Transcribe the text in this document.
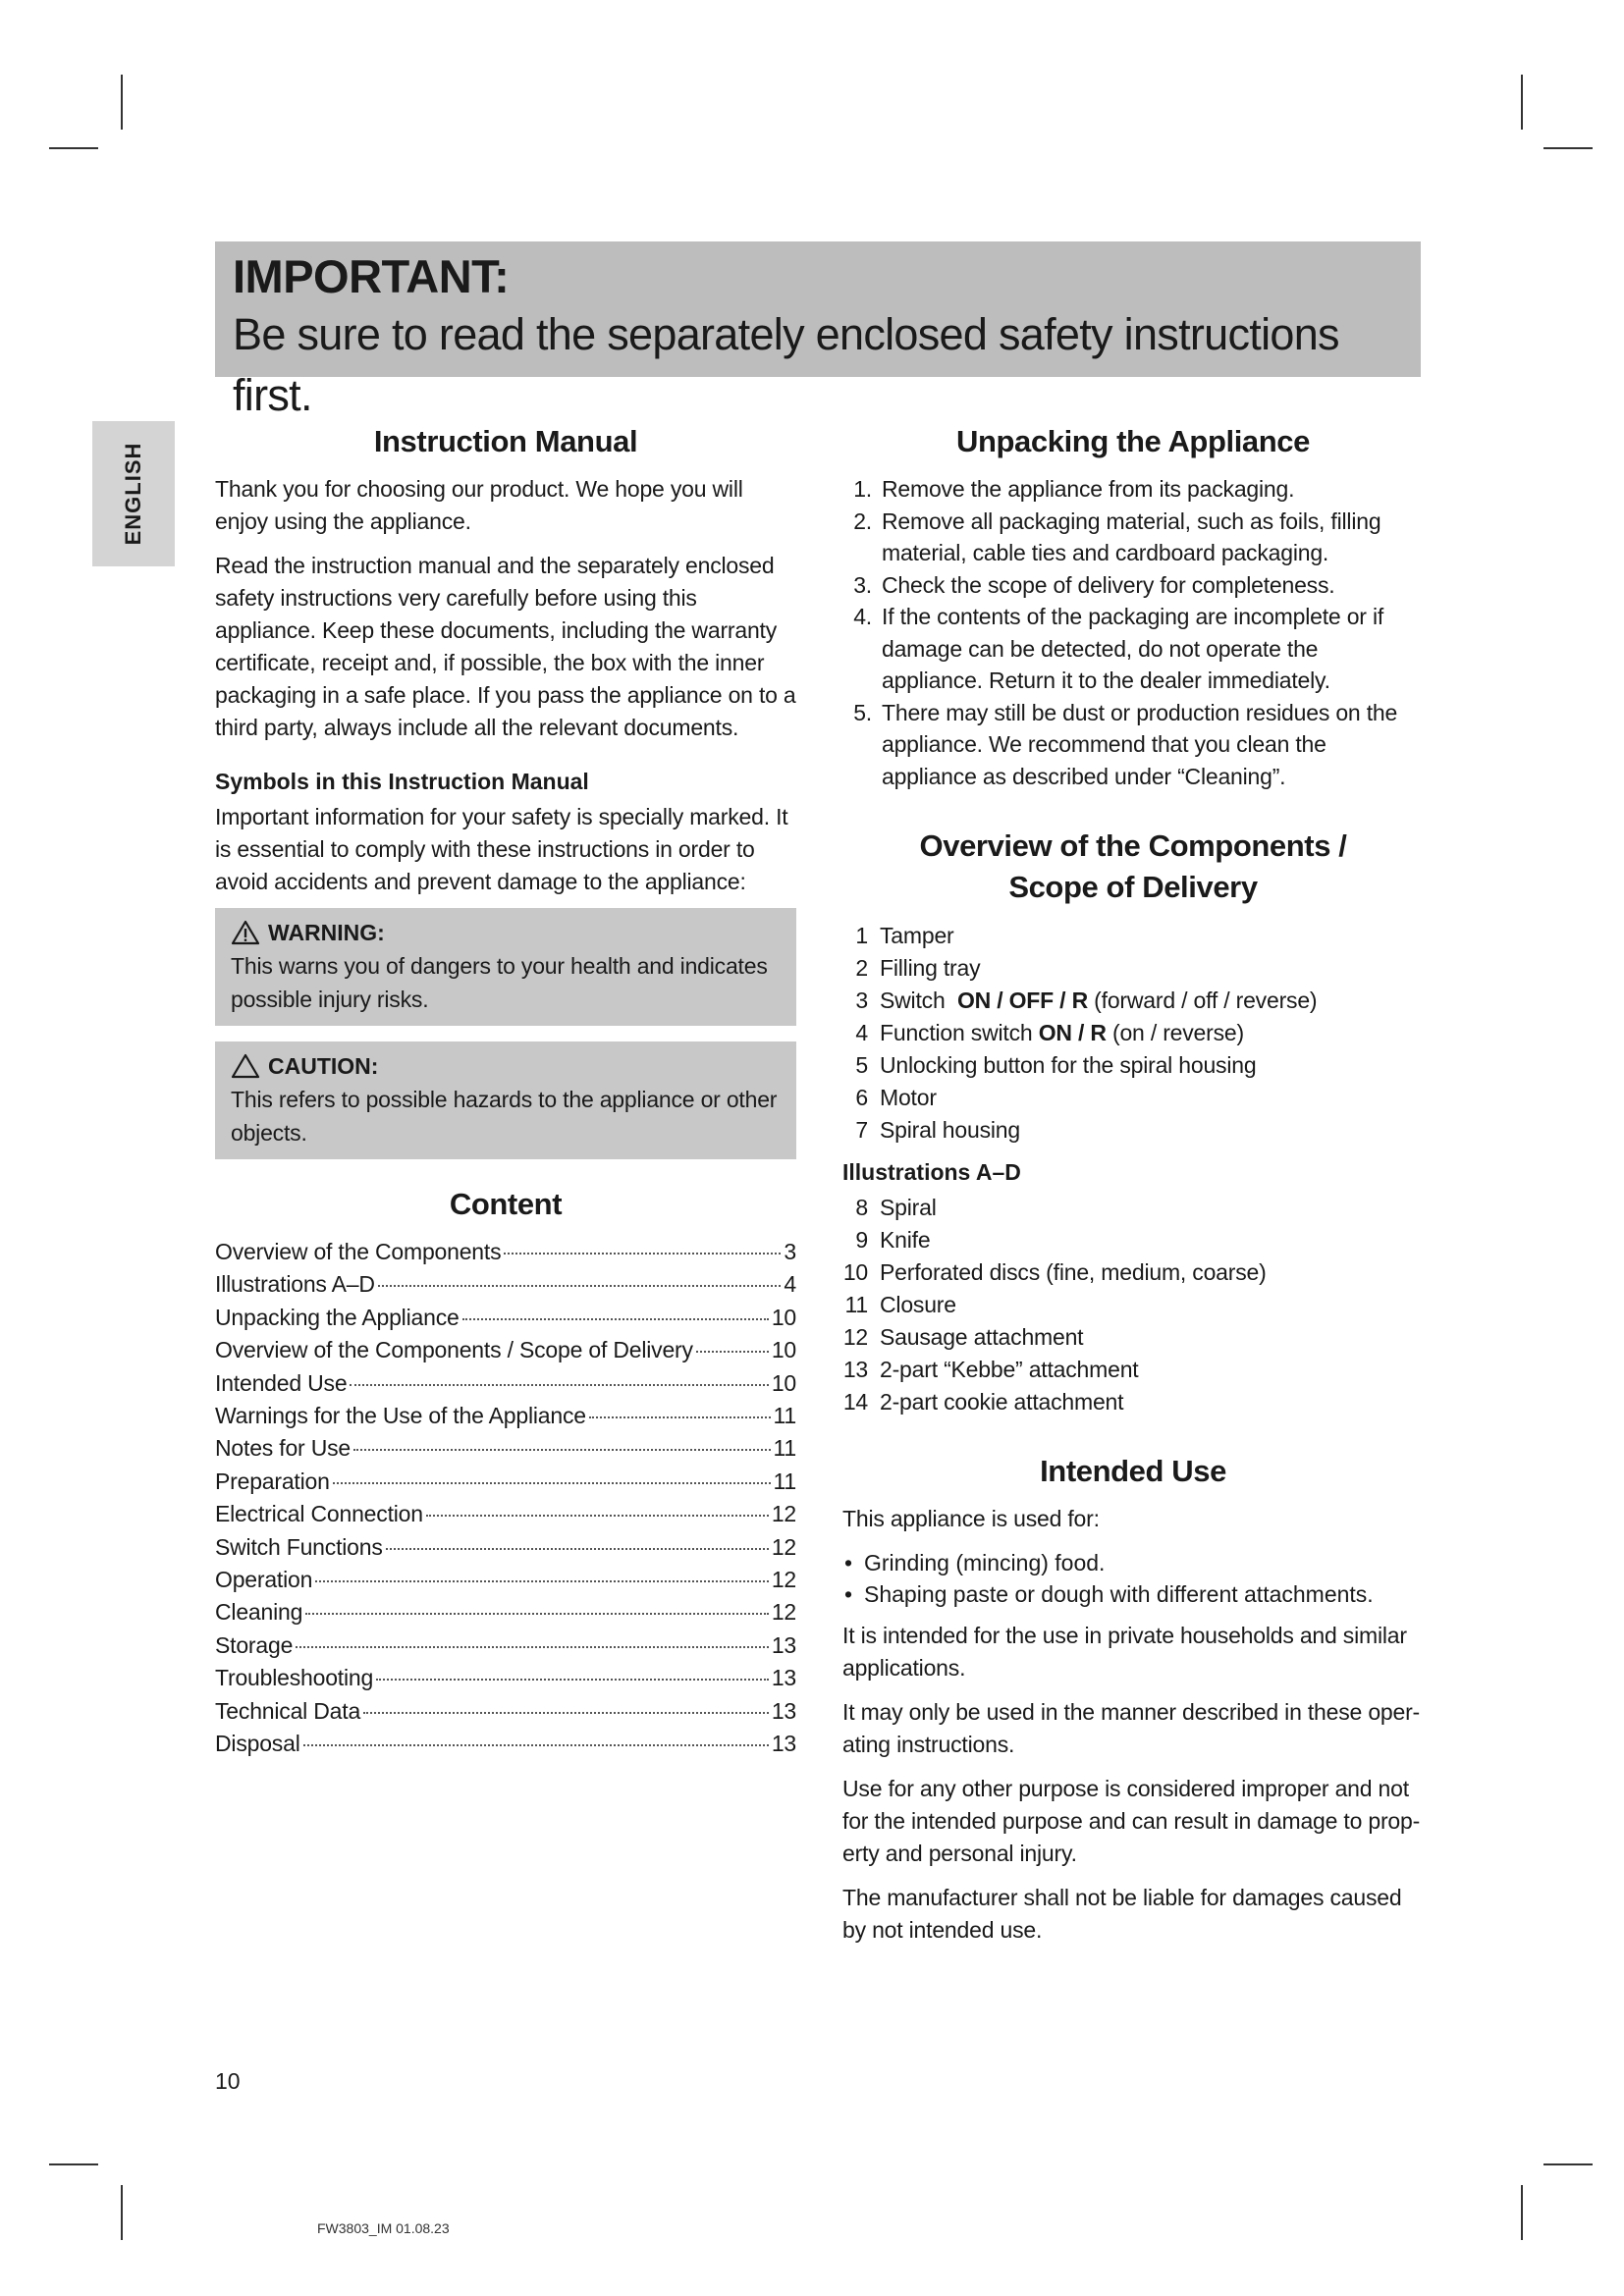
IMPORTANT:
Be sure to read the separately enclosed safety instructions first.
ENGLISH
Instruction Manual

Thank you for choosing our product. We hope you will enjoy using the appliance.

Read the instruction manual and the separately enclosed safety instructions very carefully before using this appliance. Keep these documents, including the warranty certificate, receipt and, if possible, the box with the inner packaging in a safe place. If you pass the appliance on to a third party, always include all the relevant documents.

Symbols in this Instruction Manual

Important information for your safety is specially marked. It is essential to comply with these instructions in order to avoid accidents and prevent damage to the appliance:

WARNING:

This warns you of dangers to your health and indicates possible injury risks.

CAUTION:

This refers to possible hazards to the appliance or other objects.

Content
Overview of the Components	3
Illustrations A–D	4
Unpacking the Appliance	10
Overview of the Components / Scope of Delivery	10
Intended Use	10
Warnings for the Use of the Appliance	11
Notes for Use	11
Preparation	11
Electrical Connection	12
Switch Functions	12
Operation	12
Cleaning	12
Storage	13
Troubleshooting	13
Technical Data	13
Disposal	13
Unpacking the Appliance
1. Remove the appliance from its packaging.
2. Remove all packaging material, such as foils, filling material, cable ties and cardboard packaging.
3. Check the scope of delivery for completeness.
4. If the contents of the packaging are incomplete or if damage can be detected, do not operate the appliance. Return it to the dealer immediately.
5. There may still be dust or production residues on the appliance. We recommend that you clean the appliance as described under “Cleaning”.
Overview of the Components /
Scope of Delivery
1 Tamper
2 Filling tray
3 Switch  ON / OFF / R (forward / off / reverse)
4 Function switch ON / R (on / reverse)
5 Unlocking button for the spiral housing
6 Motor
7 Spiral housing
Illustrations A–D
8 Spiral
9 Knife
10 Perforated discs (fine, medium, coarse)
11 Closure
12 Sausage attachment
13 2-part “Kebbe” attachment
14 2-part cookie attachment
Intended Use

This appliance is used for:

• Grinding (mincing) food.
• Shaping paste or dough with different attachments.

It is intended for the use in private households and similar applications.

It may only be used in the manner described in these oper-ating instructions.

Use for any other purpose is considered improper and not for the intended purpose and can result in damage to prop-erty and personal injury.

The manufacturer shall not be liable for damages caused by not intended use.

10
FW3803_IM 01.08.23
